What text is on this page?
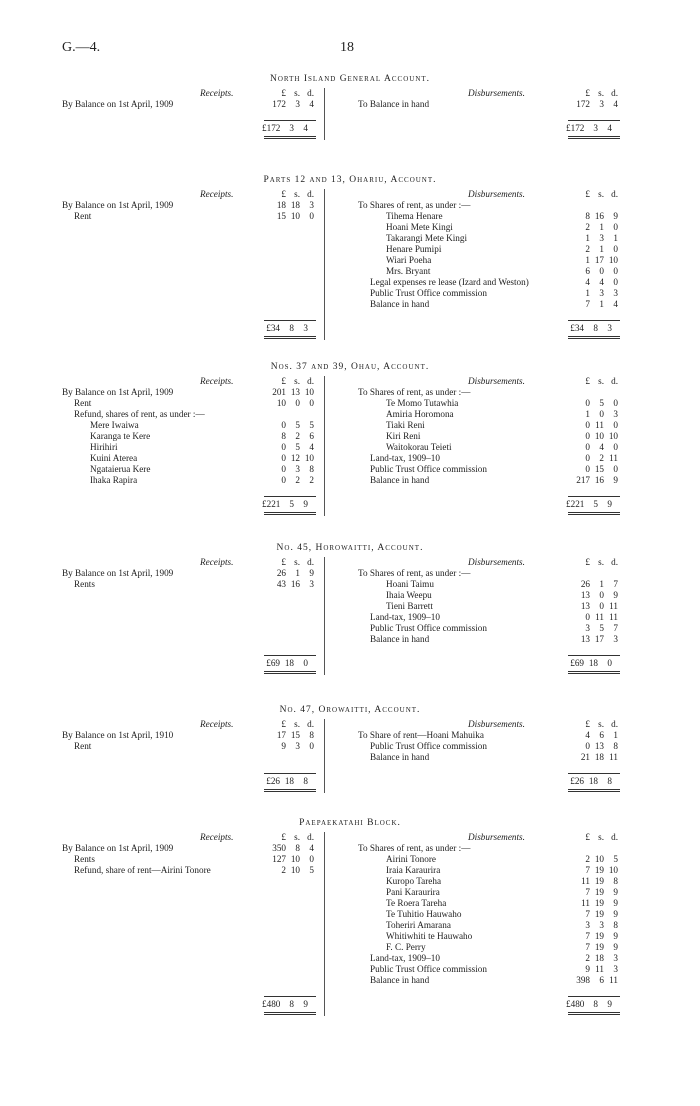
G.—4.	18
North Island General Account.
Receipts.	Disbursements.
£ s. d.	£ s. d.
By Balance on 1st April, 1909	172 3 4	To Balance in hand	172 3 4
£172 3 4	£172 3 4
Parts 12 and 13, Ohariu, Account.
Receipts.	Disbursements.
£ s. d.	£ s. d.
By Balance on 1st April, 1909	18 18 3
Rent	15 10 0
To Shares of rent, as under :—
Tihema Henare	8 16 9
Hoani Mete Kingi	2 1 0
Takarangi Mete Kingi	1 3 1
Henare Pumipi	2 1 0
Wiari Poeha	1 17 10
Mrs. Bryant	6 0 0
Legal expenses re lease (Izard and Weston)	4 4 0
Public Trust Office commission	1 3 3
Balance in hand	7 1 4
£34 8 3	£34 8 3
Nos. 37 and 39, Ohau, Account.
Receipts.	Disbursements.
£ s. d.	£ s. d.
By Balance on 1st April, 1909	201 13 10
Rent	10 0 0
Refund, shares of rent, as under :—
Mere Iwaiwa	0 5 5
Karanga te Kere	8 2 6
Hirihiri	0 5 4
Kuini Aterea	0 12 10
Ngataierua Kere	0 3 8
Ihaka Rapira	0 2 2
To Shares of rent, as under :—
Te Momo Tutawhia	0 5 0
Amiria Horomona	1 0 3
Tiaki Reni	0 11 0
Kiri Reni	0 10 10
Waitokorau Teieti	0 4 0
Land-tax, 1909–10	0 2 11
Public Trust Office commission	0 15 0
Balance in hand	217 16 9
£221 5 9	£221 5 9
No. 45, Horowaitti, Account.
Receipts.	Disbursements.
£ s. d.	£ s. d.
By Balance on 1st April, 1909	26 1 9
Rents	43 16 3
To Shares of rent, as under :—
Hoani Taimu	26 1 7
Ihaia Weepu	13 0 9
Tieni Barrett	13 0 11
Land-tax, 1909–10	0 11 11
Public Trust Office commission	3 5 7
Balance in hand	13 17 3
£69 18 0	£69 18 0
No. 47, Orowaitti, Account.
Receipts.	Disbursements.
£ s. d.	£ s. d.
By Balance on 1st April, 1910	17 15 8
Rent	9 3 0
To Share of rent—Hoani Mahuika	4 6 1
Public Trust Office commission	0 13 8
Balance in hand	21 18 11
£26 18 8	£26 18 8
Paepaekatahi Block.
Receipts.	Disbursements.
£ s. d.	£ s. d.
By Balance on 1st April, 1909	350 8 4
Rents	127 10 0
Refund, share of rent—Airini Tonore	2 10 5
To Shares of rent, as under :—
Airini Tonore	2 10 5
Iraia Karaurira	7 19 10
Kuropo Tareha	11 19 8
Pani Karaurira	7 19 9
Te Roera Tareha	11 19 9
Te Tuhitio Hauwaho	7 19 9
Toheriri Amarana	3 3 8
Whitiwhiti te Hauwaho	7 19 9
F. C. Perry	7 19 9
Land-tax, 1909–10	2 18 3
Public Trust Office commission	9 11 3
Balance in hand	398 6 11
£480 8 9	£480 8 9
